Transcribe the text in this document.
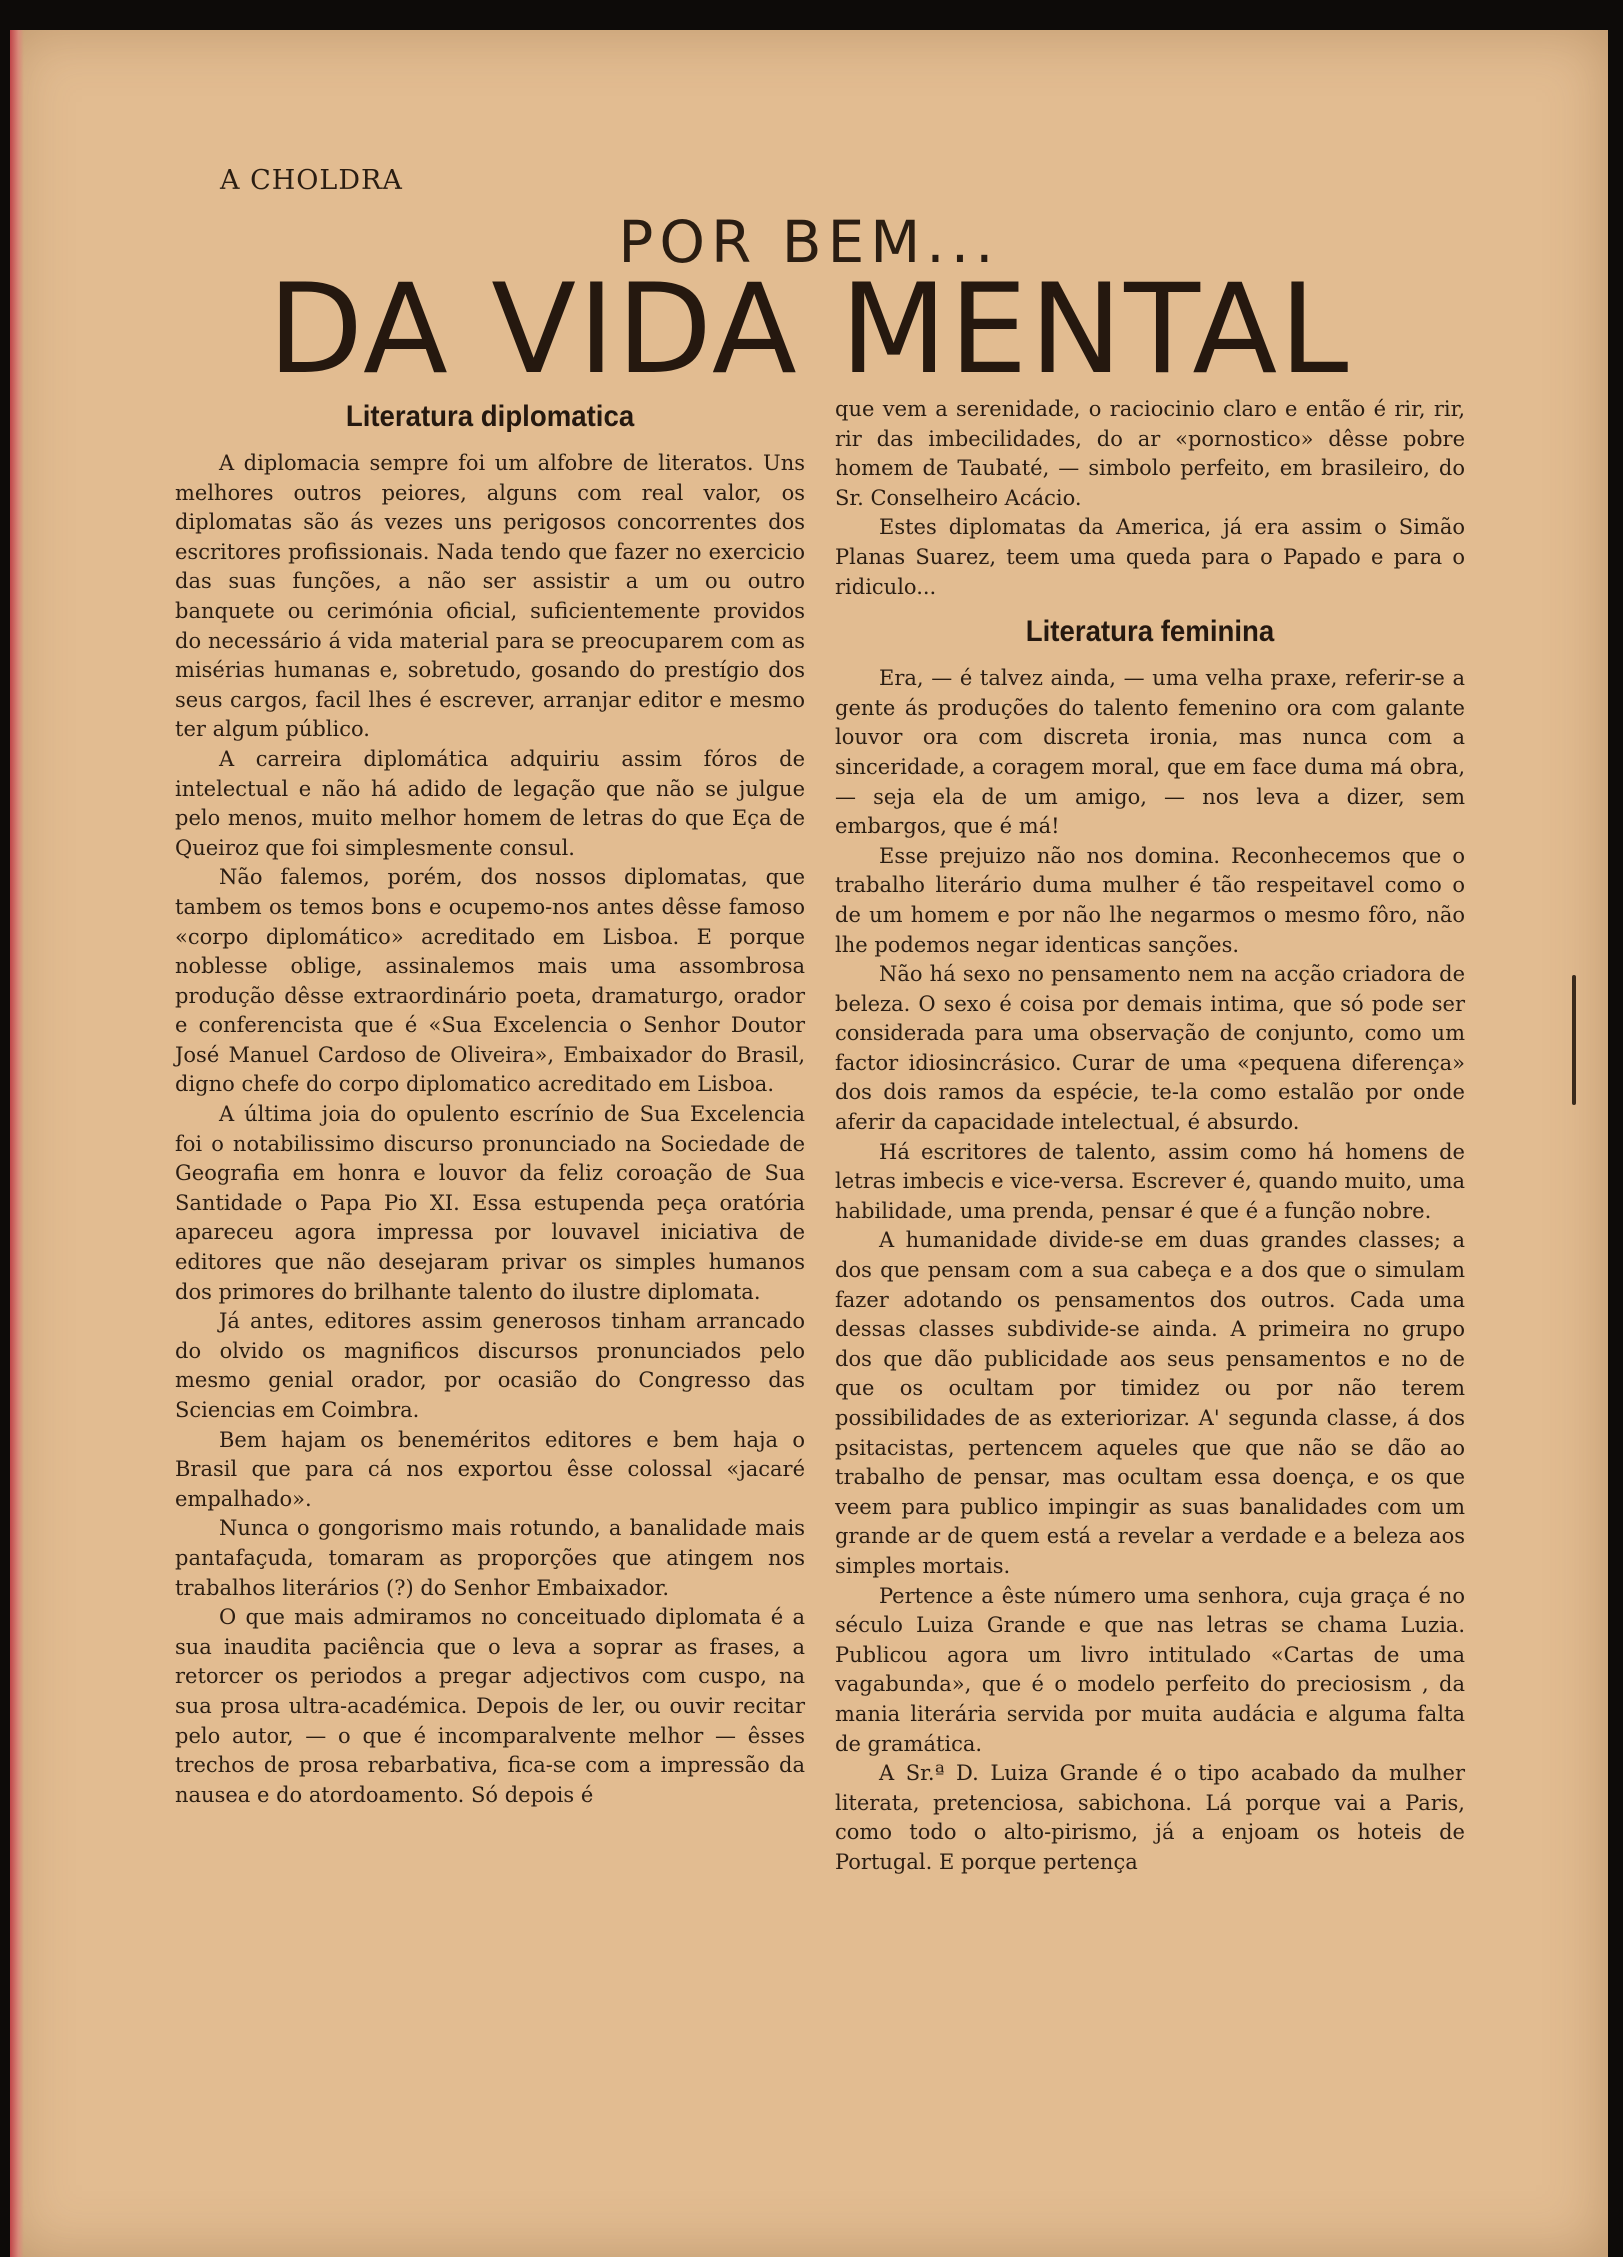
A CHOLDRA
POR BEM...
DA VIDA MENTAL
Literatura diplomatica

A diplomacia sempre foi um alfobre de literatos. Uns melhores outros peiores, alguns com real valor, os diplomatas são ás vezes uns perigosos concorrentes dos escritores profissionais. Nada tendo que fazer no exercicio das suas funções, a não ser assistir a um ou outro banquete ou cerimónia oficial, suficientemente providos do necessário á vida material para se preocuparem com as misérias humanas e, sobretudo, gosando do prestígio dos seus cargos, facil lhes é escrever, arranjar editor e mesmo ter algum público.

A carreira diplomática adquiriu assim fóros de intelectual e não há adido de legação que não se julgue pelo menos, muito melhor homem de letras do que Eça de Queiroz que foi simplesmente consul.

Não falemos, porém, dos nossos diplomatas, que tambem os temos bons e ocupemo-nos antes dêsse famoso «corpo diplomático» acreditado em Lisboa. E porque noblesse oblige, assinalemos mais uma assombrosa produção dêsse extraordinário poeta, dramaturgo, orador e conferencista que é «Sua Excelencia o Senhor Doutor José Manuel Cardoso de Oliveira», Embaixador do Brasil, digno chefe do corpo diplomatico acreditado em Lisboa.

A última joia do opulento escrínio de Sua Excelencia foi o notabilissimo discurso pronunciado na Sociedade de Geografia em honra e louvor da feliz coroação de Sua Santidade o Papa Pio XI. Essa estupenda peça oratória apareceu agora impressa por louvavel iniciativa de editores que não desejaram privar os simples humanos dos primores do brilhante talento do ilustre diplomata.

Já antes, editores assim generosos tinham arrancado do olvido os magnificos discursos pronunciados pelo mesmo genial orador, por ocasião do Congresso das Sciencias em Coimbra.

Bem hajam os beneméritos editores e bem haja o Brasil que para cá nos exportou êsse colossal «jacaré empalhado».

Nunca o gongorismo mais rotundo, a banalidade mais pantafaçuda, tomaram as proporções que atingem nos trabalhos literários (?) do Senhor Embaixador.

O que mais admiramos no conceituado diplomata é a sua inaudita paciência que o leva a soprar as frases, a retorcer os periodos a pregar adjectivos com cuspo, na sua prosa ultra-académica. Depois de ler, ou ouvir recitar pelo autor, — o que é incomparalvente melhor — êsses trechos de prosa rebarbativa, fica-se com a impressão da nausea e do atordoamento. Só depois é

que vem a serenidade, o raciocinio claro e então é rir, rir, rir das imbecilidades, do ar «pornostico» dêsse pobre homem de Taubaté, — simbolo perfeito, em brasileiro, do Sr. Conselheiro Acácio.

Estes diplomatas da America, já era assim o Simão Planas Suarez, teem uma queda para o Papado e para o ridiculo...

Literatura feminina

Era, — é talvez ainda, — uma velha praxe, referir-se a gente ás produções do talento femenino ora com galante louvor ora com discreta ironia, mas nunca com a sinceridade, a coragem moral, que em face duma má obra, — seja ela de um amigo, — nos leva a dizer, sem embargos, que é má!

Esse prejuizo não nos domina. Reconhecemos que o trabalho literário duma mulher é tão respeitavel como o de um homem e por não lhe negarmos o mesmo fôro, não lhe podemos negar identicas sanções.

Não há sexo no pensamento nem na acção criadora de beleza. O sexo é coisa por demais intima, que só pode ser considerada para uma observação de conjunto, como um factor idiosincrásico. Curar de uma «pequena diferença» dos dois ramos da espécie, te-la como estalão por onde aferir da capacidade intelectual, é absurdo.

Há escritores de talento, assim como há homens de letras imbecis e vice-versa. Escrever é, quando muito, uma habilidade, uma prenda, pensar é que é a função nobre.

A humanidade divide-se em duas grandes classes; a dos que pensam com a sua cabeça e a dos que o simulam fazer adotando os pensamentos dos outros. Cada uma dessas classes subdivide-se ainda. A primeira no grupo dos que dão publicidade aos seus pensamentos e no de que os ocultam por timidez ou por não terem possibilidades de as exteriorizar. A' segunda classe, á dos psitacistas, pertencem aqueles que que não se dão ao trabalho de pensar, mas ocultam essa doença, e os que veem para publico impingir as suas banalidades com um grande ar de quem está a revelar a verdade e a beleza aos simples mortais.

Pertence a êste número uma senhora, cuja graça é no século Luiza Grande e que nas letras se chama Luzia. Publicou agora um livro intitulado «Cartas de uma vagabunda», que é o modelo perfeito do preciosism , da mania literária servida por muita audácia e alguma falta de gramática.

A Sr.ª D. Luiza Grande é o tipo acabado da mulher literata, pretenciosa, sabichona. Lá porque vai a Paris, como todo o alto-pirismo, já a enjoam os hoteis de Portugal. E porque pertença
